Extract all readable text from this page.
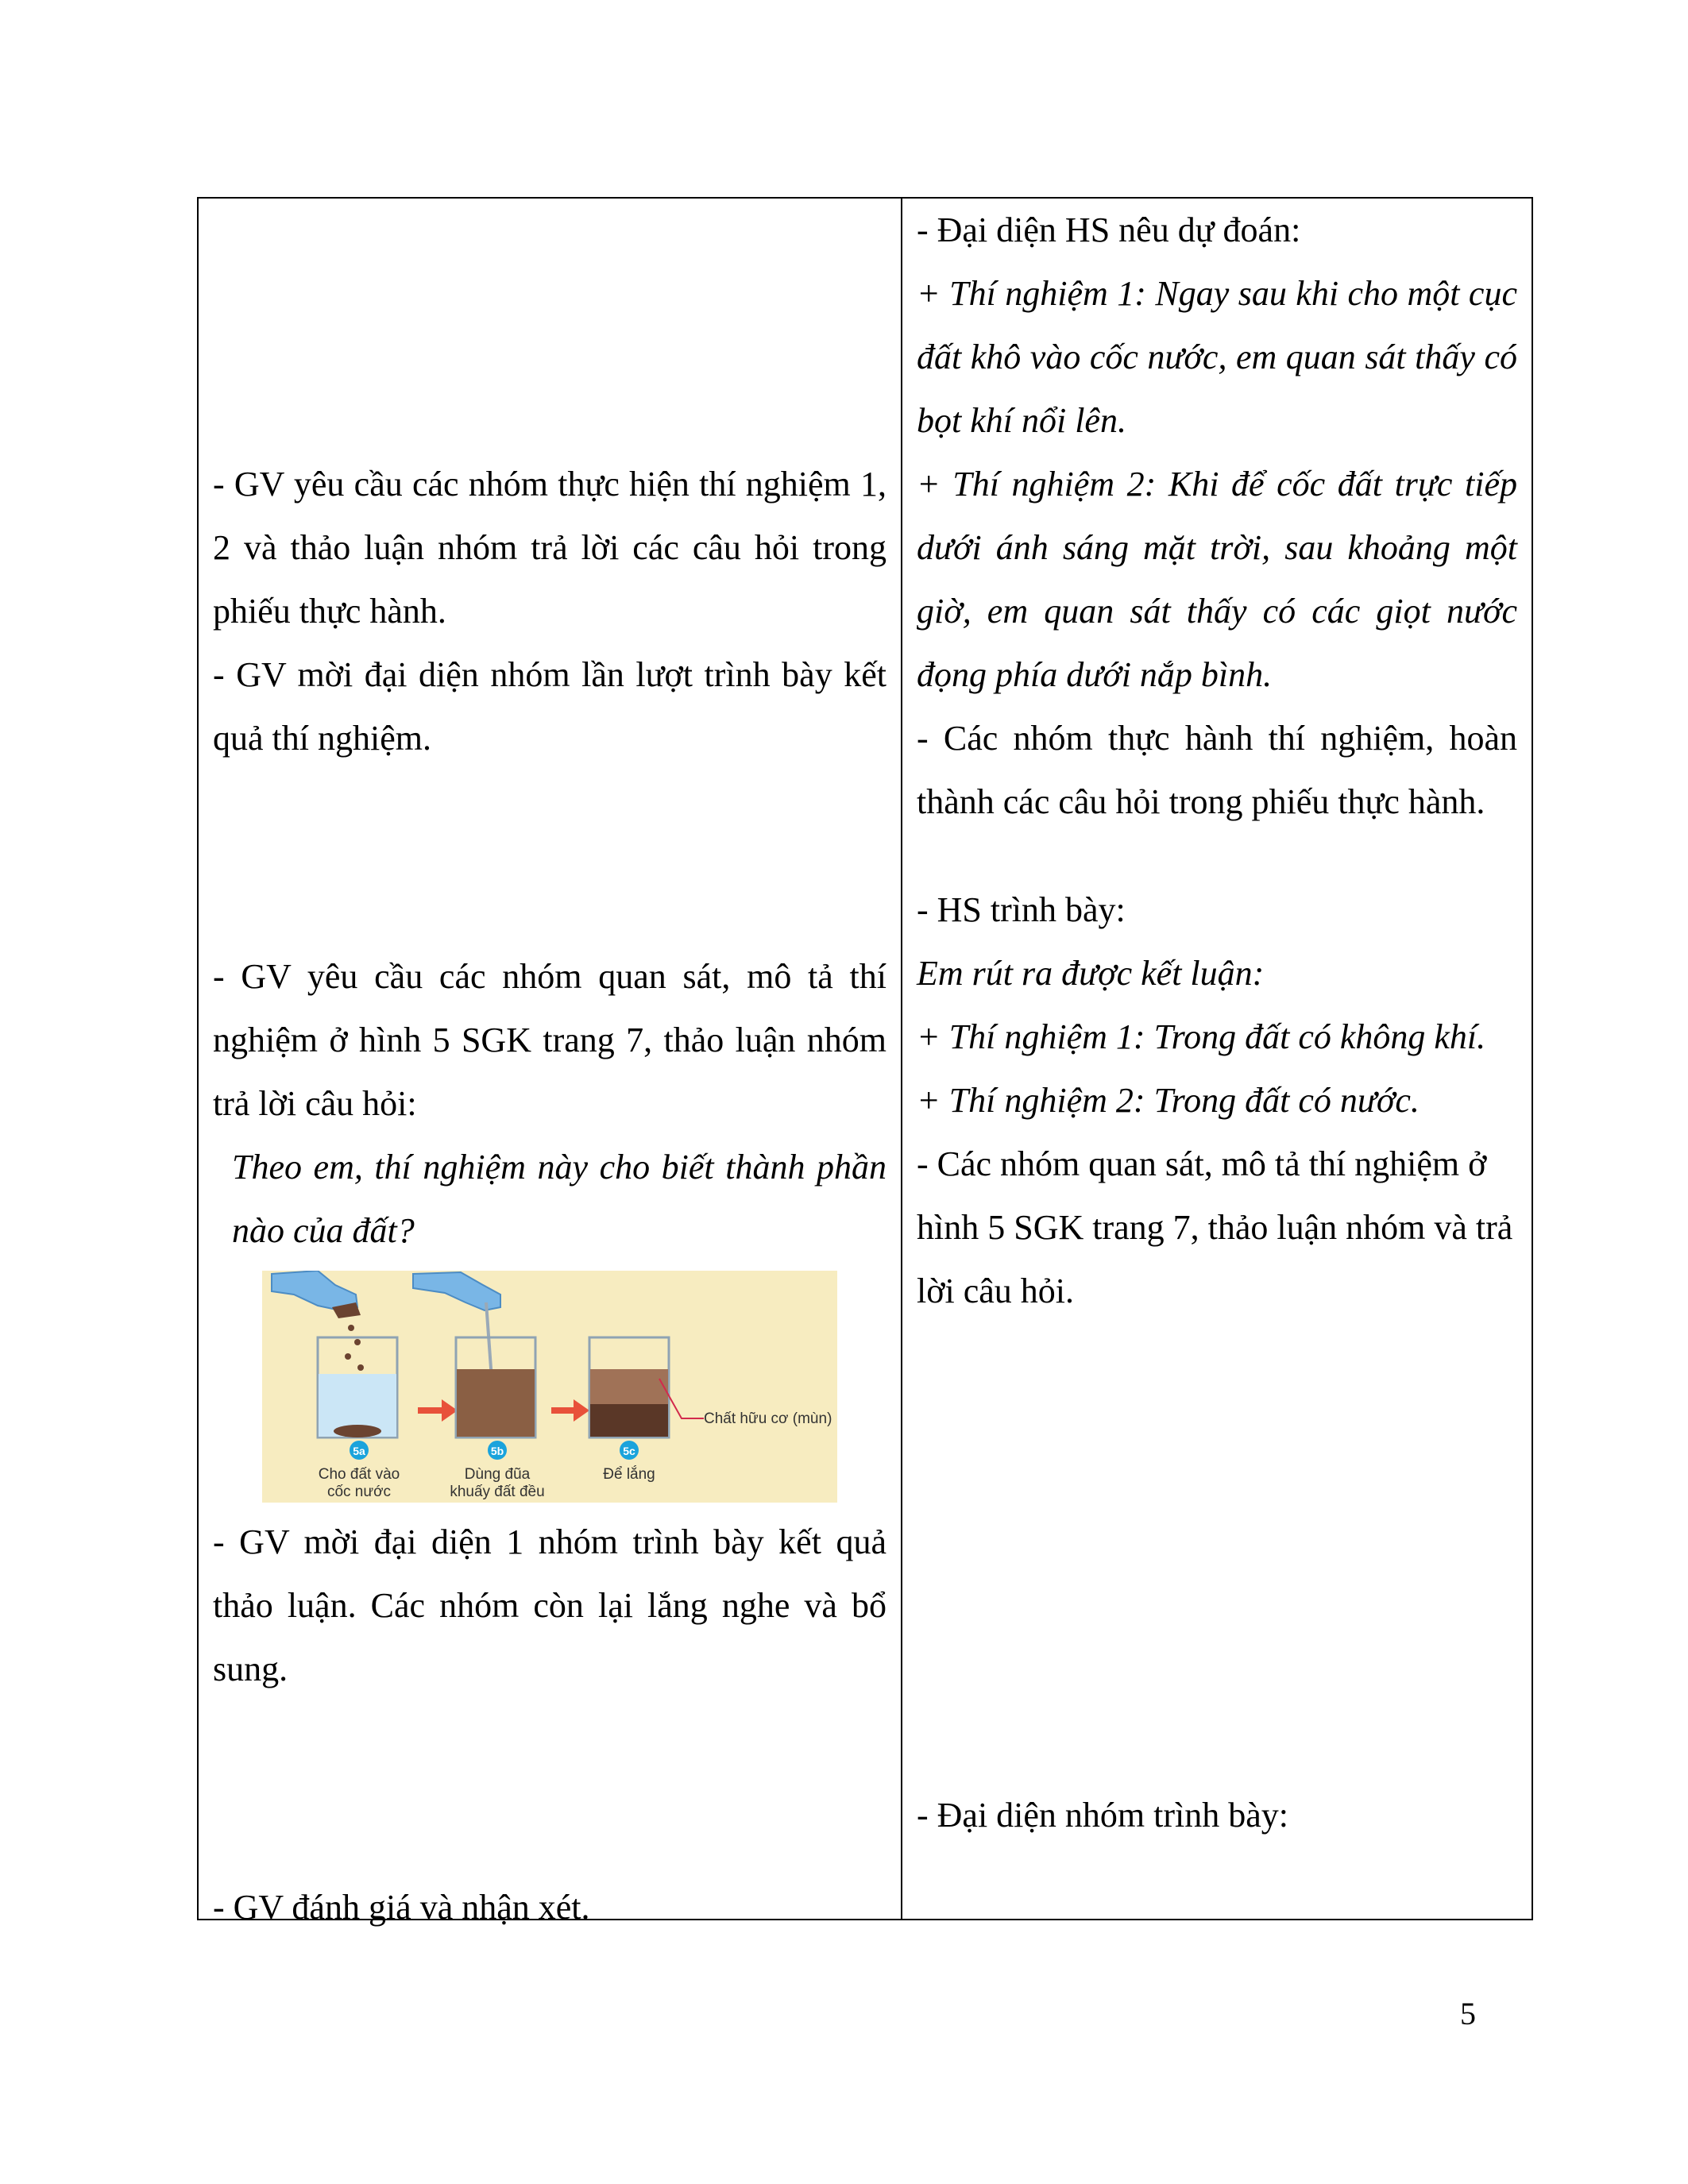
- GV yêu cầu các nhóm thực hiện thí nghiệm 1, 2 và thảo luận nhóm trả lời các câu hỏi trong phiếu thực hành.
- GV mời đại diện nhóm lần lượt trình bày kết quả thí nghiệm.
- GV yêu cầu các nhóm quan sát, mô tả thí nghiệm ở hình 5 SGK trang 7, thảo luận nhóm trả lời câu hỏi:
Theo em, thí nghiệm này cho biết thành phần nào của đất?
Chất hữu cơ (mùn)
5a	5b	5c
Cho đất vào
cốc nước
Dùng đũa
khuấy đất đều
Để lắng
- GV mời đại diện 1 nhóm trình bày kết quả thảo luận. Các nhóm còn lại lắng nghe và bổ sung.
- GV đánh giá và nhận xét.
- Đại diện HS nêu dự đoán:
+ Thí nghiệm 1: Ngay sau khi cho một cục đất khô vào cốc nước, em quan sát thấy có bọt khí nổi lên.
+ Thí nghiệm 2: Khi để cốc đất trực tiếp dưới ánh sáng mặt trời, sau khoảng một giờ, em quan sát thấy có các giọt nước đọng phía dưới nắp bình.
- Các nhóm thực hành thí nghiệm, hoàn thành các câu hỏi trong phiếu thực hành.
- HS trình bày:
Em rút ra được kết luận:
+ Thí nghiệm 1: Trong đất có không khí.
+ Thí nghiệm 2: Trong đất có nước.
- Các nhóm quan sát, mô tả thí nghiệm ở hình 5 SGK trang 7, thảo luận nhóm và trả lời câu hỏi.
- Đại diện nhóm trình bày:
5
